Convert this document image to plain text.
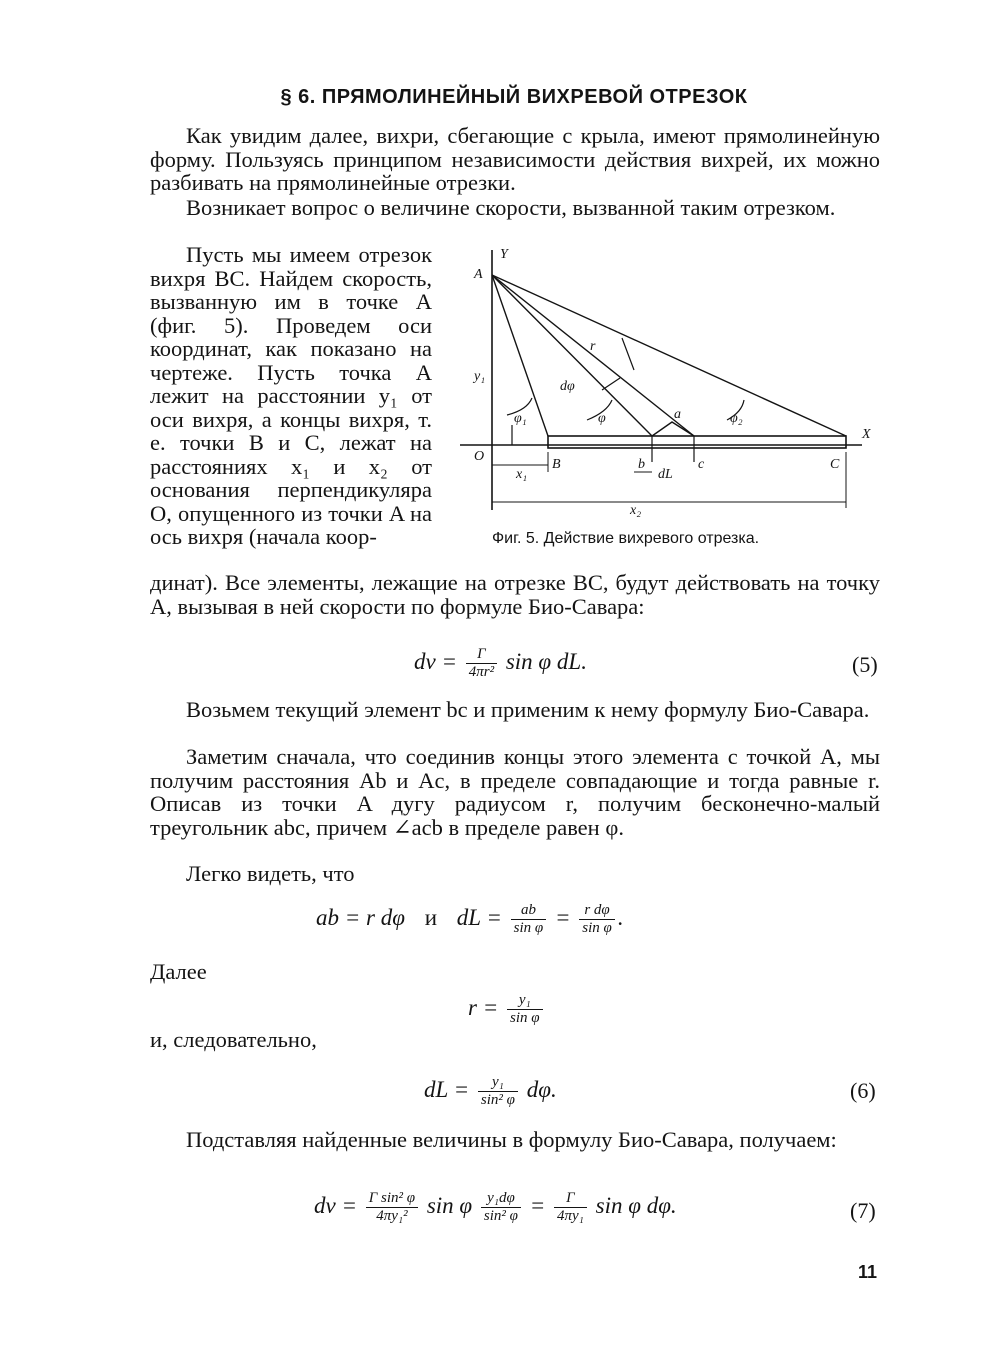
§ 6. ПРЯМОЛИНЕЙНЫЙ ВИХРЕВОЙ ОТРЕЗОК
Как увидим далее, вихри, сбегающие с крыла, имеют прямолинейную форму. Пользуясь принципом независимости действия вихрей, их можно разбивать на прямолинейные отрезки.
Возникает вопрос о величине скорости, вызванной таким отрезком.
Пусть мы имеем отрезок вихря BC. Найдем скорость, вызванную им в точке A (фиг. 5). Проведем оси координат, как показано на чертеже. Пусть точка A лежит на расстоянии y₁ от оси вихря, а концы вихря, т. е. точки B и C, лежат на расстояниях x₁ и x₂ от основания перпендикуляра O, опущенного из точки A на ось вихря (начала коор-
динат). Все элементы, лежащие на отрезке BC, будут действовать на точку A, вызывая в ней скорости по формуле Био-Савара:
A
Y
X
O
B	C
b	c
a
r
dφ
φ
φ₁	φ₂
y₁
x₁
x₂
dL
Фиг. 5. Действие вихревого отрезка.
dv = $\frac{\Gamma}{\text{4πr²}}$ sin φ dL.	(5)
Возьмем текущий элемент bc и применим к нему формулу Био-Савара.
Заметим сначала, что соединив концы этого элемента с точкой A, мы получим расстояния Ab и Ac, в пределе совпадающие и тогда равные r. Описав из точки A дугу радиусом r, получим бесконечно-малый треугольник abc, причем ∠acb в пределе равен φ.
Легко видеть, что
ab = r dφ и dL = $\frac{ab}{\text{sin φ}} = \frac{\text{r dφ}}{\text{sin φ}}$ .
Далее
$r = \frac{\text{y₁}}{\text{sin φ}}$
и, следовательно,
dL = $\frac{\text{y₁}}{\text{sin² φ}} d\varphi$.	(6)
Подставляя найденные величины в формулу Био-Савара, получаем:
dv = $\frac{\text{Γ sin² φ}}{\text{4πy₁²}}$ sin φ $\frac{\text{y₁dφ}}{\text{sin² φ}} = \frac{\Gamma}{\text{4πy₁}}$ sin φ dφ.	(7)
11
